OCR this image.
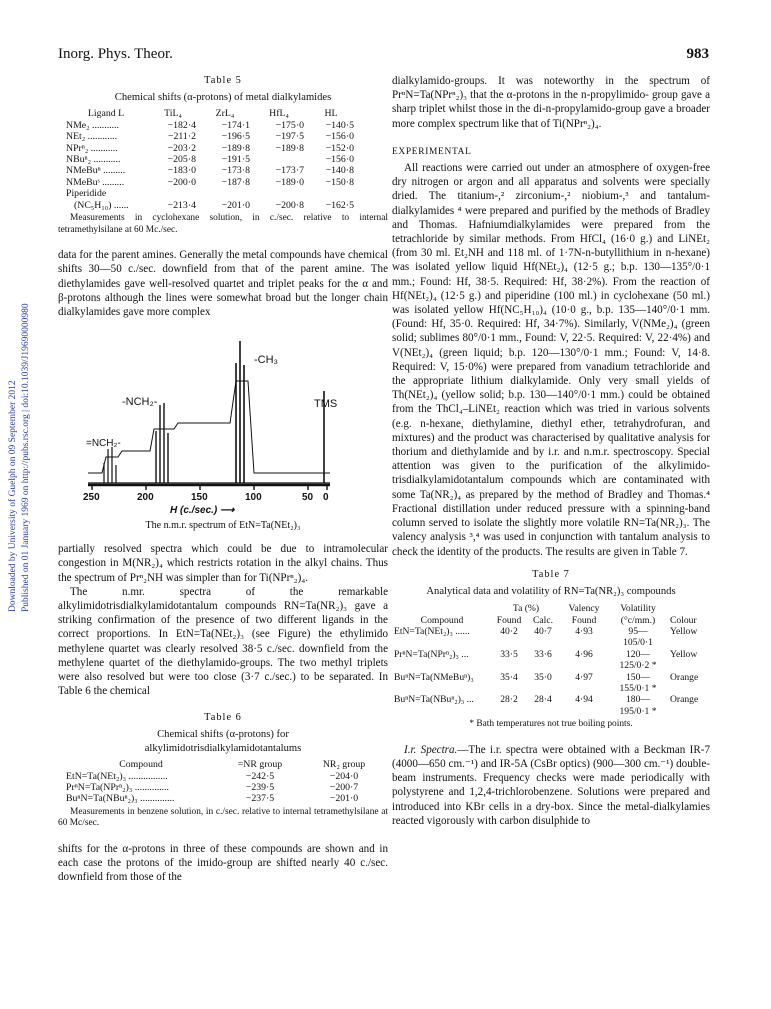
Inorg. Phys. Theor.	983
Downloaded by University of Guelph on 09 September 2012 Published on 01 January 1969 on http://pubs.rsc.org | doi:10.1039/J19690000980
Table 5
Chemical shifts (α-protons) of metal dialkylamides
Ligand L	TiL₄	ZrL₄	HfL₄	HL
NMe₂ ...........	−182·4	−174·1	−175·0	−140·5
NEt₂ ............	−211·2	−196·5	−197·5	−156·0
NPrⁿ₂ ...........	−203·2	−189·8	−189·8	−152·0
NBuⁿ₂ ...........	−205·8	−191·5		−156·0
NMeBuⁿ .........	−183·0	−173·8	−173·7	−140·8
NMeBuˢ .........	−200·0	−187·8	−189·0	−150·8
Piperidide				
(NC₅H₁₀) ......	−213·4	−201·0	−200·8	−162·5
Measurements in cyclohexane solution, in c./sec. relative to internal tetramethylsilane at 60 Mc./sec.

data for the parent amines. Generally the metal compounds have chemical shifts 30—50 c./sec. downfield from that of the parent amine. The diethylamides gave well-resolved quartet and triplet peaks for the α and β-protons although the lines were somewhat broad but the longer chain dialkylamides gave more complex

-CH₃
-NCH₂-
=NCH₂-
TMS
250	200	150	100	50 0
H (c./sec.) ⟶
The n.m.r. spectrum of EtN=Ta(NEt₂)₃

partially resolved spectra which could be due to intramolecular congestion in M(NR₂)₄ which restricts rotation in the alkyl chains. Thus the spectrum of Prⁿ₂NH was simpler than for Ti(NPrⁿ₂)₄.

The n.mr. spectra of the remarkable alkylimidotrisdialkylamidotantalum compounds RN=Ta(NR₂)₃ gave a striking confirmation of the presence of two different ligands in the correct proportions. In EtN=Ta(NEt₂)₃ (see Figure) the ethylimido methylene quartet was clearly resolved 38·5 c./sec. downfield from the methylene quartet of the diethylamido-groups. The two methyl triplets were also resolved but were too close (3·7 c./sec.) to be separated. In Table 6 the chemical

Table 6
Chemical shifts (α-protons) for alkylimidotrisdialkylamidotantalums
Compound	=NR group	NR₂ group
EtN=Ta(NEt₂)₃ ................	−242·5	−204·0
PrⁿN=Ta(NPrⁿ₂)₃ ..............	−239·5	−200·7
BuⁿN=Ta(NBuⁿ₂)₃ ..............	−237·5	−201·0
Measurements in benzene solution, in c./sec. relative to internal tetramethylsilane at 60 Mc/sec.

shifts for the α-protons in three of these compounds are shown and in each case the protons of the imido-group are shifted nearly 40 c./sec. downfield from those of the

dialkylamido-groups. It was noteworthy in the spectrum of PrⁿN=Ta(NPrⁿ₂)₃ that the α-protons in the n-propylimido- group gave a sharp triplet whilst those in the di-n-propylamido-group gave a broader more complex spectrum like that of Ti(NPrⁿ₂)₄.

EXPERIMENTAL

All reactions were carried out under an atmosphere of oxygen-free dry nitrogen or argon and all apparatus and solvents were specially dried. The titanium-,² zirconium-,² niobium-,³ and tantalum-dialkylamides ⁴ were prepared and purified by the methods of Bradley and Thomas. Hafniumdialkylamides were prepared from the tetrachloride by similar methods. From HfCl₄ (16·0 g.) and LiNEt₂ (from 30 ml. Et₂NH and 118 ml. of 1·7N-n-butyllithium in n-hexane) was isolated yellow liquid Hf(NEt₂)₄ (12·5 g.; b.p. 130—135°/0·1 mm.; Found: Hf, 38·5. Required: Hf, 38·2%). From the reaction of Hf(NEt₂)₄ (12·5 g.) and piperidine (100 ml.) in cyclohexane (50 ml.) was isolated yellow Hf(NC₅H₁₀)₄ (10·0 g., b.p. 135—140°/0·1 mm. (Found: Hf, 35·0. Required: Hf, 34·7%). Similarly, V(NMe₂)₄ (green solid; sublimes 80°/0·1 mm., Found: V, 22·5. Required: V, 22·4%) and V(NEt₂)₄ (green liquid; b.p. 120—130°/0·1 mm.; Found: V, 14·8. Required: V, 15·0%) were prepared from vanadium tetrachloride and the appropriate lithium dialkylamide. Only very small yields of Th(NEt₂)₄ (yellow solid; b.p. 130—140°/0·1 mm.) could be obtained from the ThCl₄–LiNEt₂ reaction which was tried in various solvents (e.g. n-hexane, diethylamine, diethyl ether, tetrahydrofuran, and mixtures) and the product was characterised by qualitative analysis for thorium and diethylamide and by i.r. and n.m.r. spectroscopy. Special attention was given to the purification of the alkylimido-trisdialkylamidotantalum compounds which are contaminated with some Ta(NR₂)₄ as prepared by the method of Bradley and Thomas.⁴ Fractional distillation under reduced pressure with a spinning-band column served to isolate the slightly more volatile RN=Ta(NR₂)₃. The valency analysis ³,⁴ was used in conjunction with tantalum analysis to check the identity of the products. The results are given in Table 7.

Table 7
Analytical data and volatility of RN=Ta(NR₂)₃ compounds
	Ta (%)		Valency	Volatility	
Compound	Found	Calc.	Found	(°c/mm.)	Colour
EtN=Ta(NEt₂)₃ ......	40·2	40·7	4·93	95—	Yellow
				105/0·1	
PrⁿN=Ta(NPrⁿ₂)₃ ...	33·5	33·6	4·96	120—	Yellow
				125/0·2 *	
BuⁿN=Ta(NMeBuⁿ)₃	35·4	35·0	4·97	150—	Orange
				155/0·1 *	
BuⁿN=Ta(NBuⁿ₂)₃ ...	28·2	28·4	4·94	180—	Orange
				195/0·1 *	
* Bath temperatures not true boiling points.

I.r. Spectra.—The i.r. spectra were obtained with a Beckman IR-7 (4000—650 cm.⁻¹) and IR-5A (CsBr optics) (900—300 cm.⁻¹) double-beam instruments. Frequency checks were made periodically with polystyrene and 1,2,4-trichlorobenzene. Solutions were prepared and introduced into KBr cells in a dry-box. Since the metal-dialkylamies reacted vigorously with carbon disulphide to
